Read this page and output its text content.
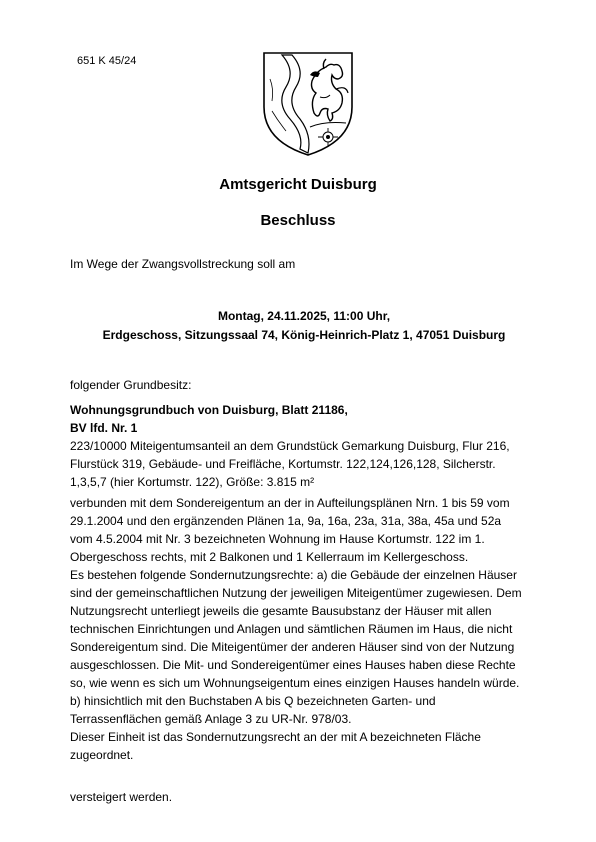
651 K 45/24
Amtsgericht Duisburg
Beschluss
Im Wege der Zwangsvollstreckung soll am
Montag, 24.11.2025, 11:00 Uhr,
Erdgeschoss, Sitzungssaal 74, König-Heinrich-Platz 1, 47051 Duisburg
folgender Grundbesitz:
Wohnungsgrundbuch von Duisburg, Blatt 21186,
BV lfd. Nr. 1
223/10000 Miteigentumsanteil an dem Grundstück Gemarkung Duisburg, Flur 216,
Flurstück 319, Gebäude- und Freifläche, Kortumstr. 122,124,126,128, Silcherstr.
1,3,5,7 (hier Kortumstr. 122), Größe: 3.815 m²
verbunden mit dem Sondereigentum an der in Aufteilungsplänen Nrn. 1 bis 59 vom
29.1.2004 und den ergänzenden Plänen 1a, 9a, 16a, 23a, 31a, 38a, 45a und 52a
vom 4.5.2004 mit Nr. 3 bezeichneten Wohnung im Hause Kortumstr. 122 im 1.
Obergeschoss rechts, mit 2 Balkonen und 1 Kellerraum im Kellergeschoss.
Es bestehen folgende Sondernutzungsrechte: a) die Gebäude der einzelnen Häuser
sind der gemeinschaftlichen Nutzung der jeweiligen Miteigentümer zugewiesen. Dem
Nutzungsrecht unterliegt jeweils die gesamte Bausubstanz der Häuser mit allen
technischen Einrichtungen und Anlagen und sämtlichen Räumen im Haus, die nicht
Sondereigentum sind. Die Miteigentümer der anderen Häuser sind von der Nutzung
ausgeschlossen. Die Mit- und Sondereigentümer eines Hauses haben diese Rechte
so, wie wenn es sich um Wohnungseigentum eines einzigen Hauses handeln würde.
b) hinsichtlich mit den Buchstaben A bis Q bezeichneten Garten- und
Terrassenflächen gemäß Anlage 3 zu UR-Nr. 978/03.
Dieser Einheit ist das Sondernutzungsrecht an der mit A bezeichneten Fläche
zugeordnet.
versteigert werden.
